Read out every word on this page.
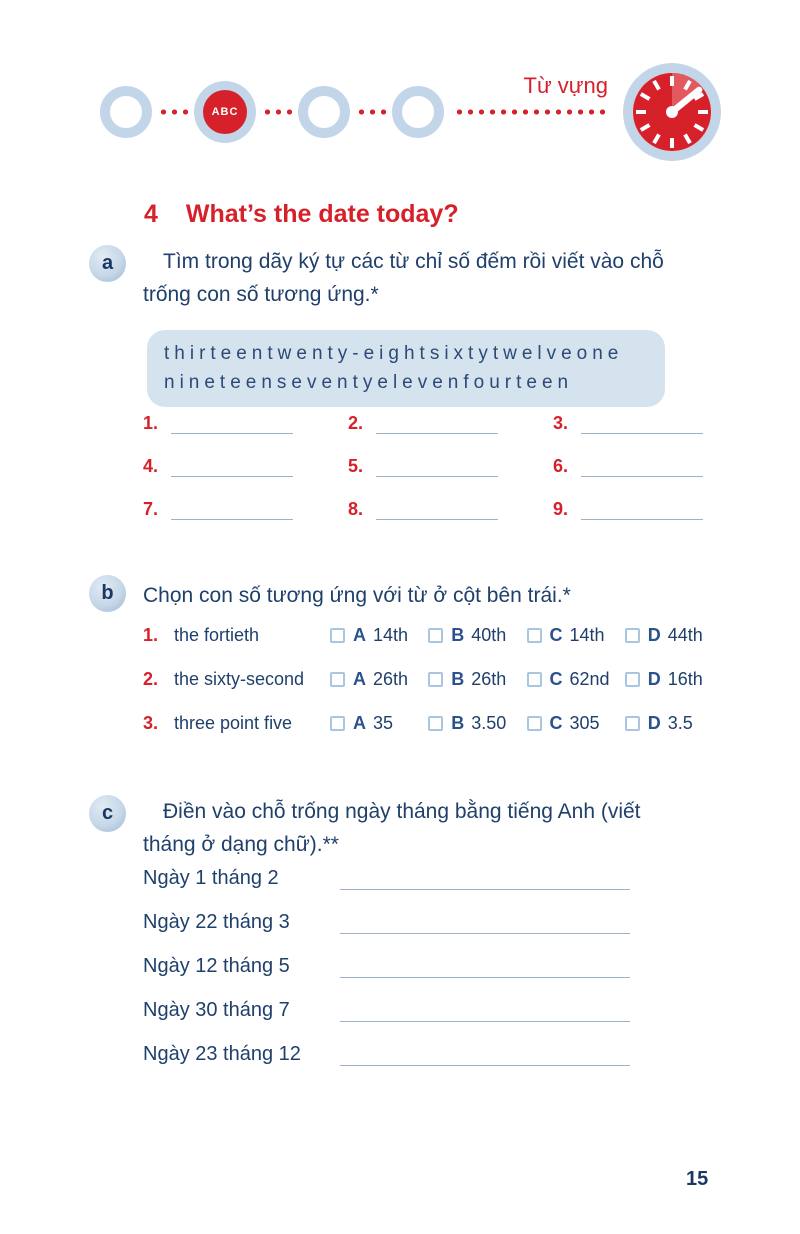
ABC
Từ vựng
4 What’s the date today?
a	Tìm trong dãy ký tự các từ chỉ số đếm rồi viết vào chỗ trống con số tương ứng.*
thirteentwenty-eightsixtytwelveone
nineteenseventyelevenfourteen
1.	2.	3.
4.	5.	6.
7.	8.	9.
b	Chọn con số tương ứng với từ ở cột bên trái.*
1. the fortieth	A 14th B 40th C 14th D 44th
2. the sixty-second	A 26th B 26th C 62nd D 16th
3. three point five	A 35	B 3.50 C 305	D 3.5
c	Điền vào chỗ trống ngày tháng bằng tiếng Anh (viết tháng ở dạng chữ).**
Ngày 1 tháng 2
Ngày 22 tháng 3
Ngày 12 tháng 5
Ngày 30 tháng 7
Ngày 23 tháng 12
15
